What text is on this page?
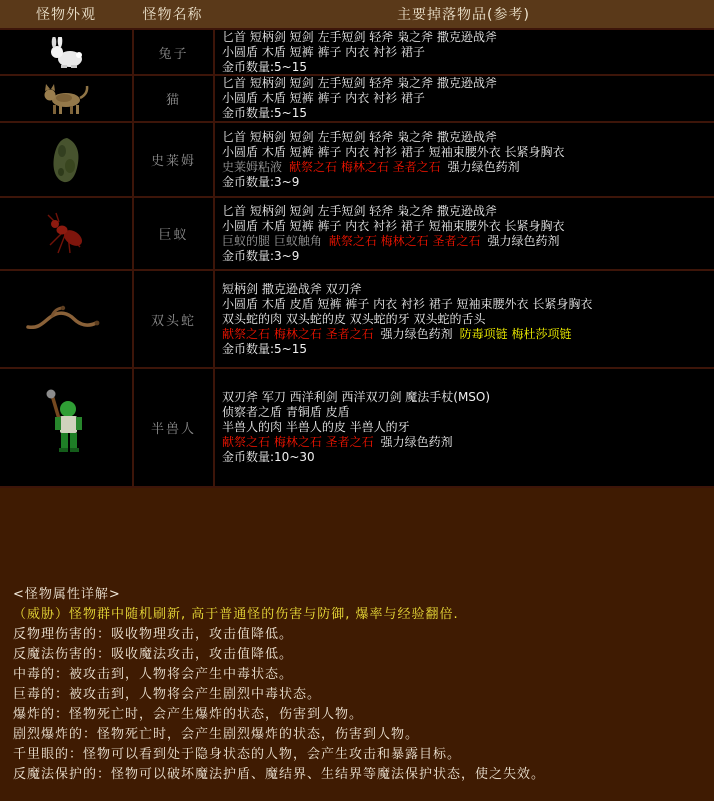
怪物外观	怪物名称	主要掉落物品(参考)
兔子
匕首 短柄剑 短剑 左手短剑 轻斧 枭之斧 撒克逊战斧
小圆盾 木盾 短裤 裤子 内衣 衬衫 裙子
金币数量:5~15
猫
匕首 短柄剑 短剑 左手短剑 轻斧 枭之斧 撒克逊战斧
小圆盾 木盾 短裤 裤子 内衣 衬衫 裙子
金币数量:5~15
史莱姆
匕首 短柄剑 短剑 左手短剑 轻斧 枭之斧 撒克逊战斧
小圆盾 木盾 短裤 裤子 内衣 衬衫 裙子 短袖束腰外衣 长紧身胸衣
史莱姆粘液 献祭之石 梅林之石 圣者之石 强力绿色药剂
金币数量:3~9
巨蚁
匕首 短柄剑 短剑 左手短剑 轻斧 枭之斧 撒克逊战斧
小圆盾 木盾 短裤 裤子 内衣 衬衫 裙子 短袖束腰外衣 长紧身胸衣
巨蚁的腿 巨蚁触角 献祭之石 梅林之石 圣者之石 强力绿色药剂
金币数量:3~9
双头蛇
短柄剑 撒克逊战斧 双刃斧
小圆盾 木盾 皮盾 短裤 裤子 内衣 衬衫 裙子 短袖束腰外衣 长紧身胸衣
双头蛇的肉 双头蛇的皮 双头蛇的牙 双头蛇的舌头
献祭之石 梅林之石 圣者之石 强力绿色药剂 防毒项链 梅杜莎项链
金币数量:5~15
半兽人
双刃斧 军刀 西洋利剑 西洋双刃剑 魔法手杖(MSO)
侦察者之盾 青铜盾 皮盾
半兽人的肉 半兽人的皮 半兽人的牙
献祭之石 梅林之石 圣者之石 强力绿色药剂
金币数量:10~30
<怪物属性详解>
（威胁）怪物群中随机刷新, 高于普通怪的伤害与防御, 爆率与经验翻倍.
反物理伤害的：吸收物理攻击，攻击值降低。
反魔法伤害的：吸收魔法攻击，攻击值降低。
中毒的：被攻击到，人物将会产生中毒状态。
巨毒的：被攻击到，人物将会产生剧烈中毒状态。
爆炸的：怪物死亡时，会产生爆炸的状态，伤害到人物。
剧烈爆炸的：怪物死亡时，会产生剧烈爆炸的状态，伤害到人物。
千里眼的：怪物可以看到处于隐身状态的人物，会产生攻击和暴露目标。
反魔法保护的：怪物可以破坏魔法护盾、魔结界、生结界等魔法保护状态，使之失效。
